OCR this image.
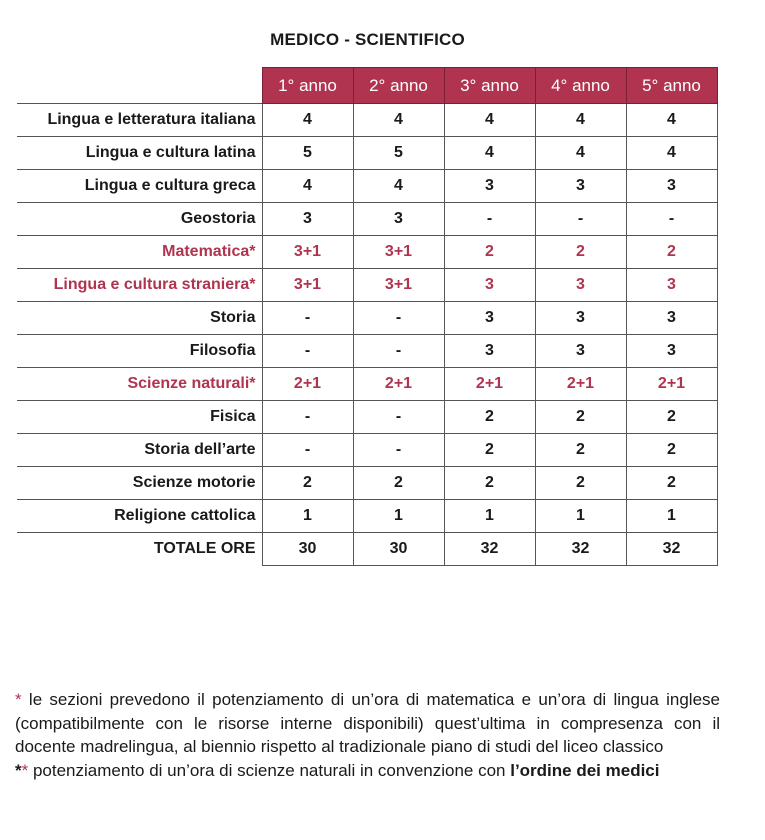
MEDICO - SCIENTIFICO
	1° anno	2° anno	3° anno	4° anno	5° anno
Lingua e letteratura italiana	4	4	4	4	4
Lingua e cultura latina	5	5	4	4	4
Lingua e cultura greca	4	4	3	3	3
Geostoria	3	3	-	-	-
Matematica*	3+1	3+1	2	2	2
Lingua e cultura straniera*	3+1	3+1	3	3	3
Storia	-	-	3	3	3
Filosofia	-	-	3	3	3
Scienze naturali*	2+1	2+1	2+1	2+1	2+1
Fisica	-	-	2	2	2
Storia dell’arte	-	-	2	2	2
Scienze motorie	2	2	2	2	2
Religione cattolica	1	1	1	1	1
TOTALE ORE	30	30	32	32	32

* le sezioni prevedono il potenziamento di un’ora di matematica e un’ora di lingua inglese (compatibilmente con le risorse interne disponibili) quest’ultima in compresenza con il docente madrelingua, al biennio rispetto al tradizionale piano di studi del liceo classico

** potenziamento di un’ora di scienze naturali in convenzione con l’ordine dei medici
